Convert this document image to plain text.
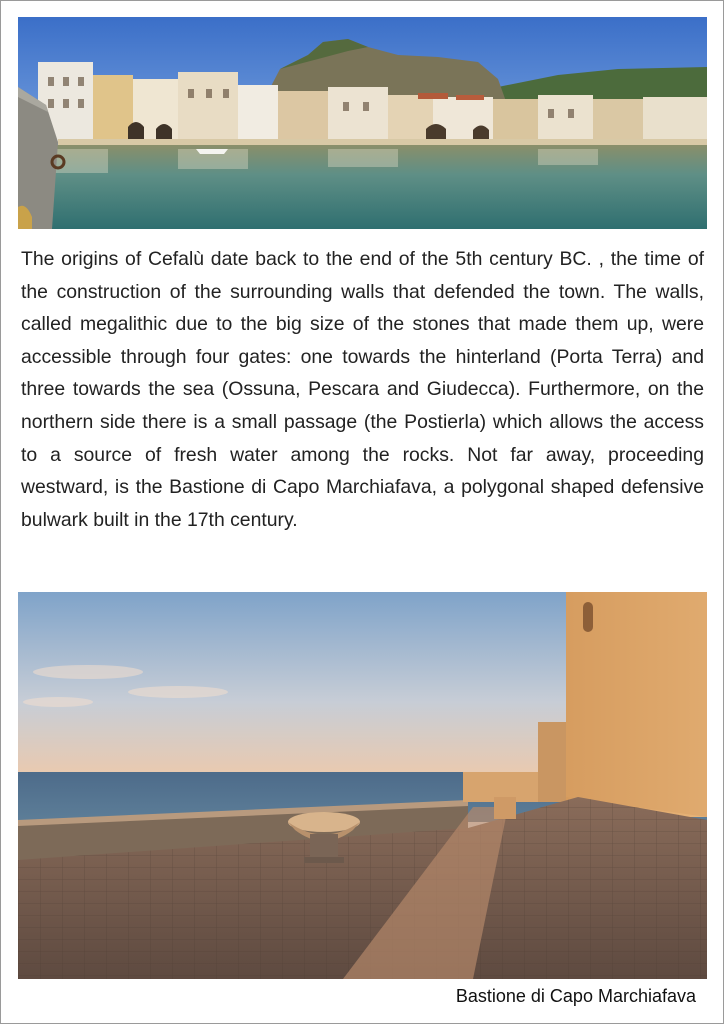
The origins of Cefalù date back to the end of the 5th century BC. , the time of the construction of the surrounding walls that defended the town. The walls, called megalithic due to the big size of the stones that made them up, were accessible through four gates: one towards the hinterland (Porta Terra) and three towards the sea (Ossuna, Pescara and Giudecca). Furthermore, on the northern side there is a small passage (the Postierla) which allows the access to a source of fresh water among the rocks. Not far away, proceeding westward, is the Bastione di Capo Marchiafava, a polygonal shaped defensive bulwark built in the 17th century.

Bastione di Capo Marchiafava
